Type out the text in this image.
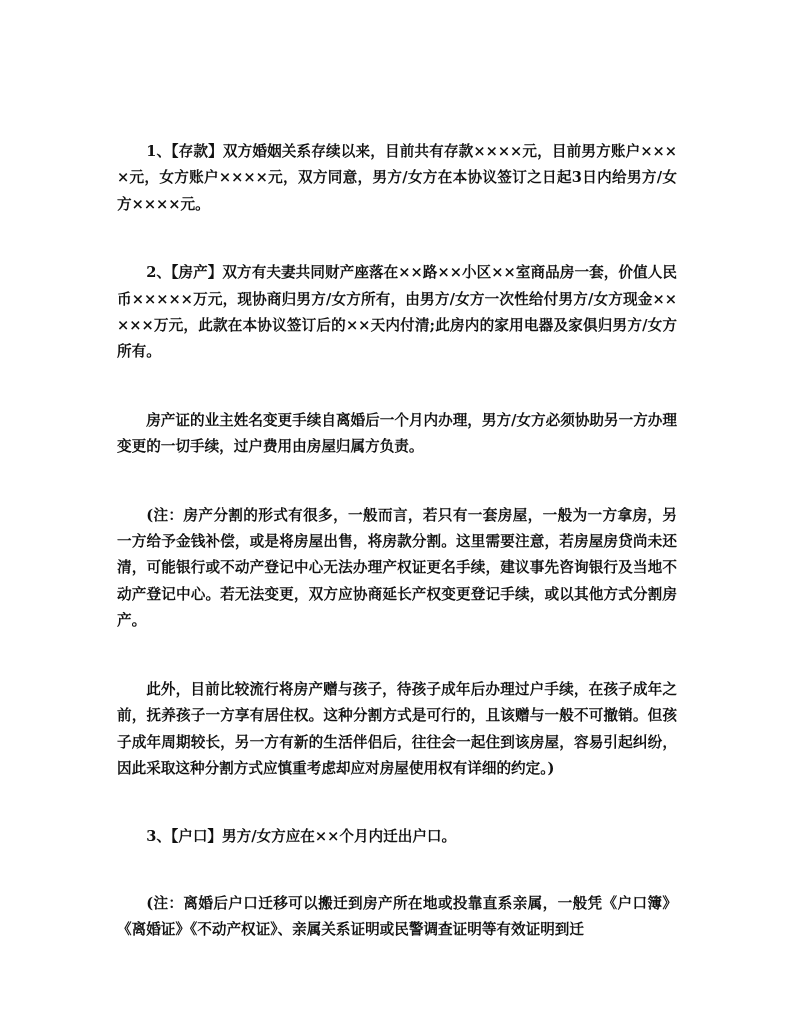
1、【存款】双方婚姻关系存续以来，目前共有存款××××元，目前男方账户××××元，女方账户××××元，双方同意，男方/女方在本协议签订之日起3日内给男方/女方××××元。

2、【房产】双方有夫妻共同财产座落在××路××小区××室商品房一套，价值人民币×××××万元，现协商归男方/女方所有，由男方/女方一次性给付男方/女方现金×××××万元，此款在本协议签订后的××天内付清;此房内的家用电器及家俱归男方/女方所有。

房产证的业主姓名变更手续自离婚后一个月内办理，男方/女方必须协助另一方办理变更的一切手续，过户费用由房屋归属方负责。

(注：房产分割的形式有很多，一般而言，若只有一套房屋，一般为一方拿房，另一方给予金钱补偿，或是将房屋出售，将房款分割。这里需要注意，若房屋房贷尚未还清，可能银行或不动产登记中心无法办理产权证更名手续，建议事先咨询银行及当地不动产登记中心。若无法变更，双方应协商延长产权变更登记手续，或以其他方式分割房产。

此外，目前比较流行将房产赠与孩子，待孩子成年后办理过户手续，在孩子成年之前，抚养孩子一方享有居住权。这种分割方式是可行的，且该赠与一般不可撤销。但孩子成年周期较长，另一方有新的生活伴侣后，往往会一起住到该房屋，容易引起纠纷，因此采取这种分割方式应慎重考虑却应对房屋使用权有详细的约定。)

3、【户口】男方/女方应在××个月内迁出户口。

(注：离婚后户口迁移可以搬迁到房产所在地或投靠直系亲属，一般凭《户口簿》《离婚证》《不动产权证》、亲属关系证明或民警调查证明等有效证明到迁
